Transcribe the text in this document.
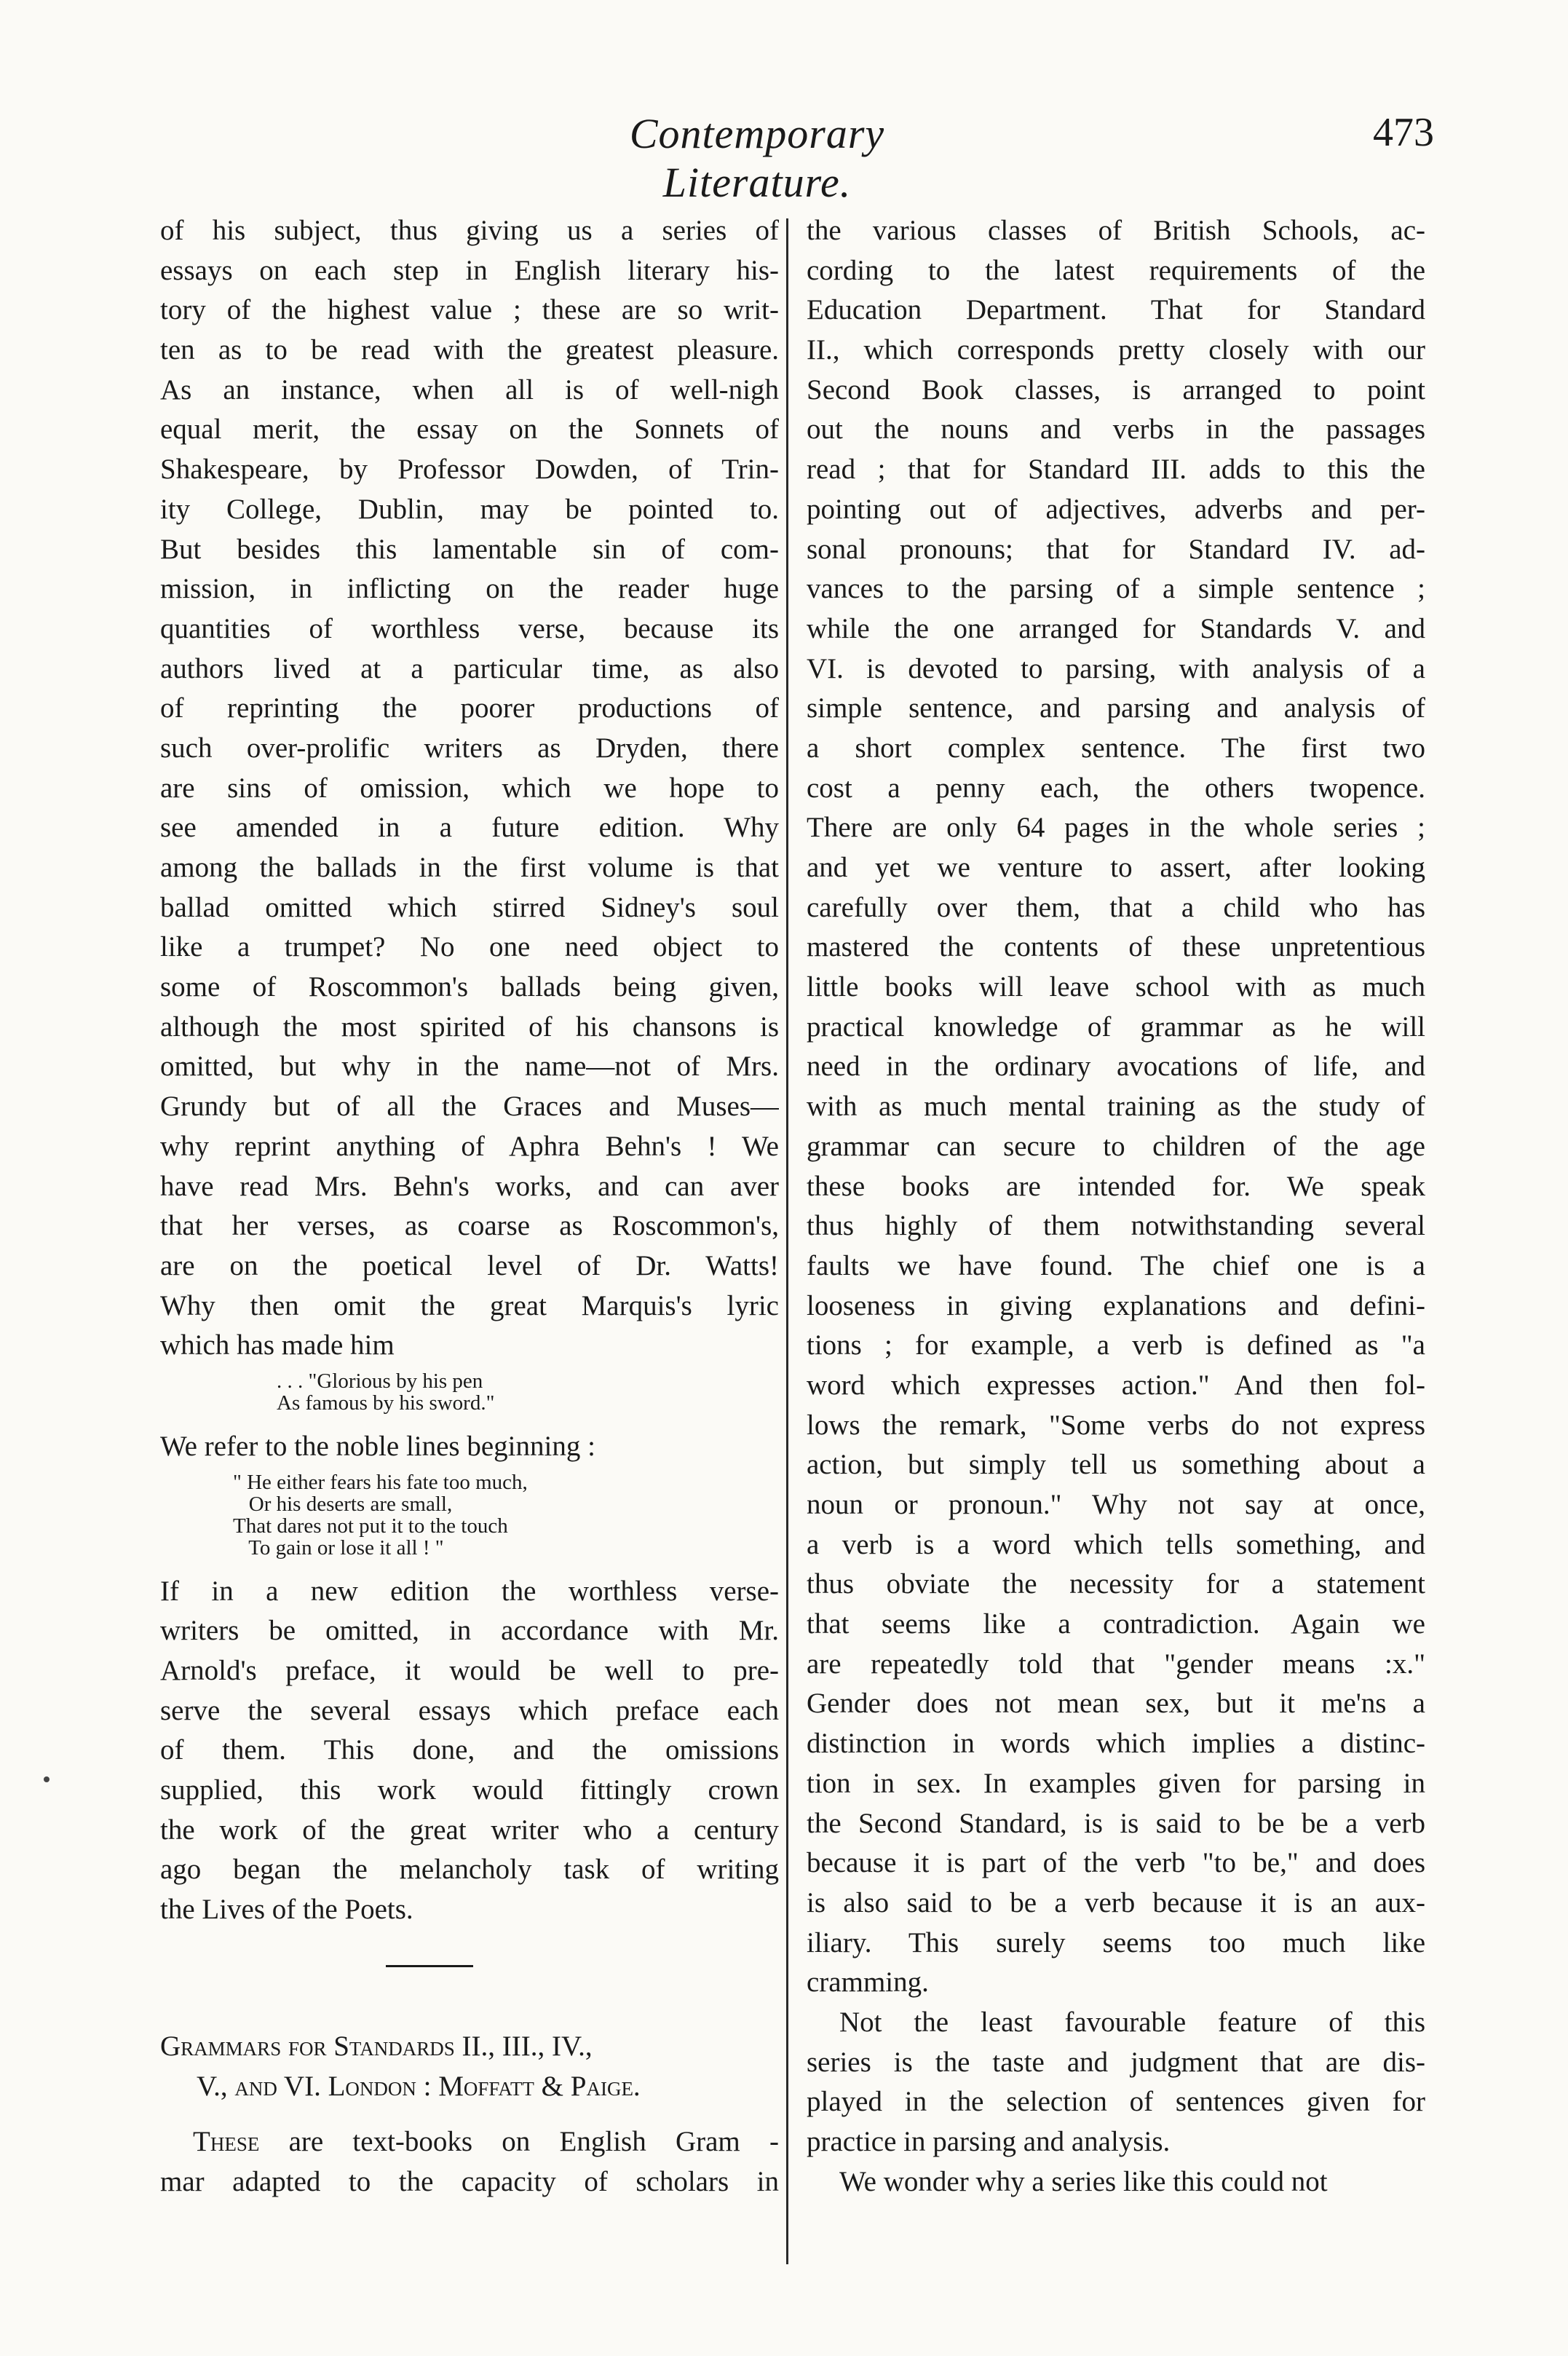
Contemporary Literature.
473
of his subject, thus giving us a series of
essays on each step in English literary his-
tory of the highest value ; these are so writ-
ten as to be read with the greatest pleasure.
As an instance, when all is of well-nigh
equal merit, the essay on the Sonnets of
Shakespeare, by Professor Dowden, of Trin-
ity College, Dublin, may be pointed to.
But besides this lamentable sin of com-
mission, in inflicting on the reader huge
quantities of worthless verse, because its
authors lived at a particular time, as also
of reprinting the poorer productions of
such over-prolific writers as Dryden, there
are sins of omission, which we hope to
see amended in a future edition. Why
among the ballads in the first volume is that
ballad omitted which stirred Sidney's soul
like a trumpet? No one need object to
some of Roscommon's ballads being given,
although the most spirited of his chansons is
omitted, but why in the name—not of Mrs.
Grundy but of all the Graces and Muses—
why reprint anything of Aphra Behn's ! We
have read Mrs. Behn's works, and can aver
that her verses, as coarse as Roscommon's,
are on the poetical level of Dr. Watts!
Why then omit the great Marquis's lyric
which has made him
. . . "Glorious by his pen
As famous by his sword."
We refer to the noble lines beginning :
" He either fears his fate too much,
Or his deserts are small,
That dares not put it to the touch
To gain or lose it all ! "
If in a new edition the worthless verse-
writers be omitted, in accordance with Mr.
Arnold's preface, it would be well to pre-
serve the several essays which preface each
of them. This done, and the omissions
supplied, this work would fittingly crown
the work of the great writer who a century
ago began the melancholy task of writing
the Lives of the Poets.
Grammars for Standards II., III., IV.,
V., and VI. London : Moffatt & Paige.
These are text-books on English Gram -
mar adapted to the capacity of scholars in
the various classes of British Schools, ac-
cording to the latest requirements of the
Education Department. That for Standard
II., which corresponds pretty closely with our
Second Book classes, is arranged to point
out the nouns and verbs in the passages
read ; that for Standard III. adds to this the
pointing out of adjectives, adverbs and per-
sonal pronouns; that for Standard IV. ad-
vances to the parsing of a simple sentence ;
while the one arranged for Standards V. and
VI. is devoted to parsing, with analysis of a
simple sentence, and parsing and analysis of
a short complex sentence. The first two
cost a penny each, the others twopence.
There are only 64 pages in the whole series ;
and yet we venture to assert, after looking
carefully over them, that a child who has
mastered the contents of these unpretentious
little books will leave school with as much
practical knowledge of grammar as he will
need in the ordinary avocations of life, and
with as much mental training as the study of
grammar can secure to children of the age
these books are intended for. We speak
thus highly of them notwithstanding several
faults we have found. The chief one is a
looseness in giving explanations and defini-
tions ; for example, a verb is defined as "a
word which expresses action." And then fol-
lows the remark, "Some verbs do not express
action, but simply tell us something about a
noun or pronoun." Why not say at once,
a verb is a word which tells something, and
thus obviate the necessity for a statement
that seems like a contradiction. Again we
are repeatedly told that "gender means :x."
Gender does not mean sex, but it me'ns a
distinction in words which implies a distinc-
tion in sex. In examples given for parsing in
the Second Standard, is is said to be be a verb
because it is part of the verb "to be," and does
is also said to be a verb because it is an aux-
iliary. This surely seems too much like
cramming.
Not the least favourable feature of this
series is the taste and judgment that are dis-
played in the selection of sentences given for
practice in parsing and analysis.
We wonder why a series like this could not
